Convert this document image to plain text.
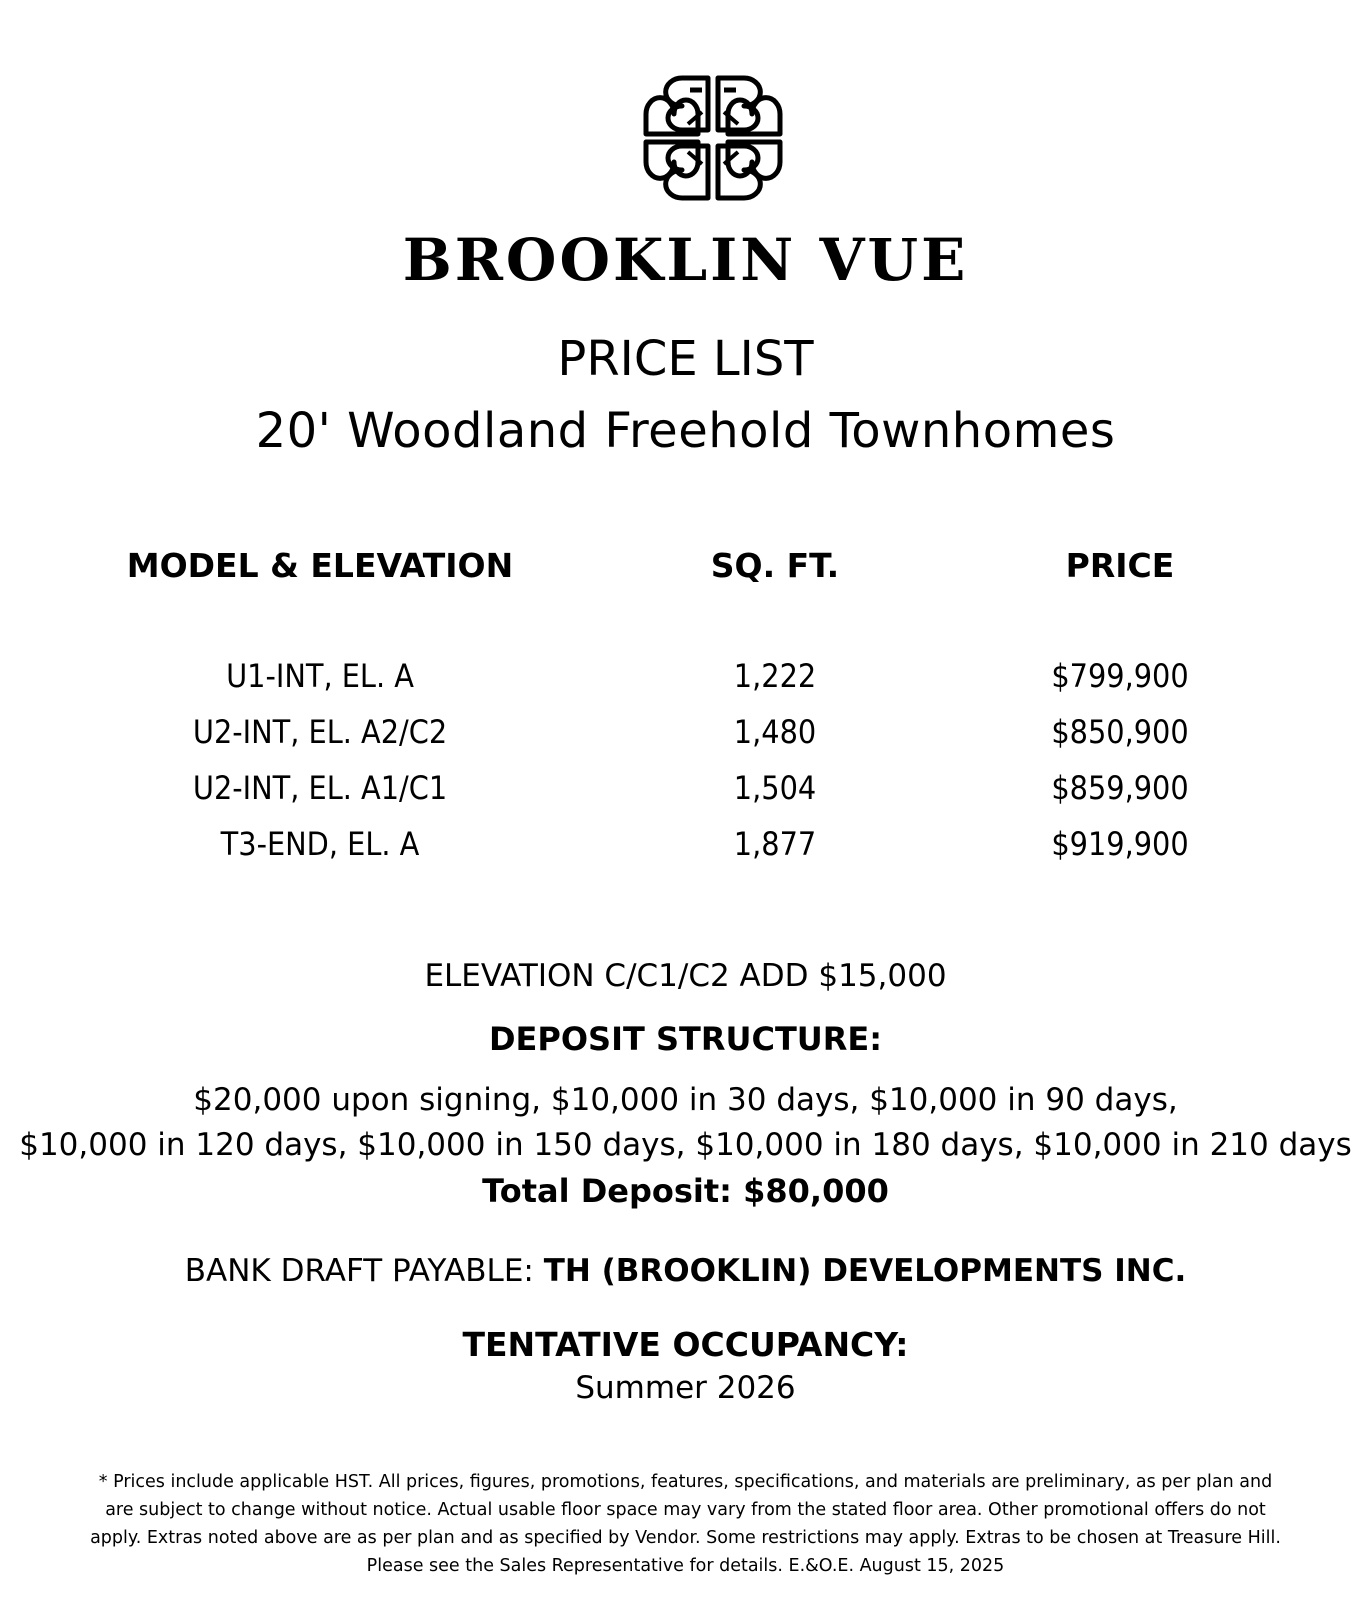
BROOKLIN VUE
PRICE LIST
20' Woodland Freehold Townhomes
MODEL & ELEVATION	SQ. FT.	PRICE
U1-INT, EL. A	1,222	$799,900
U2-INT, EL. A2/C2	1,480	$850,900
U2-INT, EL. A1/C1	1,504	$859,900
T3-END, EL. A	1,877	$919,900
ELEVATION C/C1/C2 ADD $15,000
DEPOSIT STRUCTURE:
$20,000 upon signing, $10,000 in 30 days, $10,000 in 90 days,
$10,000 in 120 days, $10,000 in 150 days, $10,000 in 180 days, $10,000 in 210 days
Total Deposit: $80,000
BANK DRAFT PAYABLE: TH (BROOKLIN) DEVELOPMENTS INC.
TENTATIVE OCCUPANCY:
Summer 2026
* Prices include applicable HST. All prices, figures, promotions, features, specifications, and materials are preliminary, as per plan and
are subject to change without notice. Actual usable floor space may vary from the stated floor area. Other promotional offers do not
apply. Extras noted above are as per plan and as specified by Vendor. Some restrictions may apply. Extras to be chosen at Treasure Hill.
Please see the Sales Representative for details. E.&O.E. August 15, 2025
